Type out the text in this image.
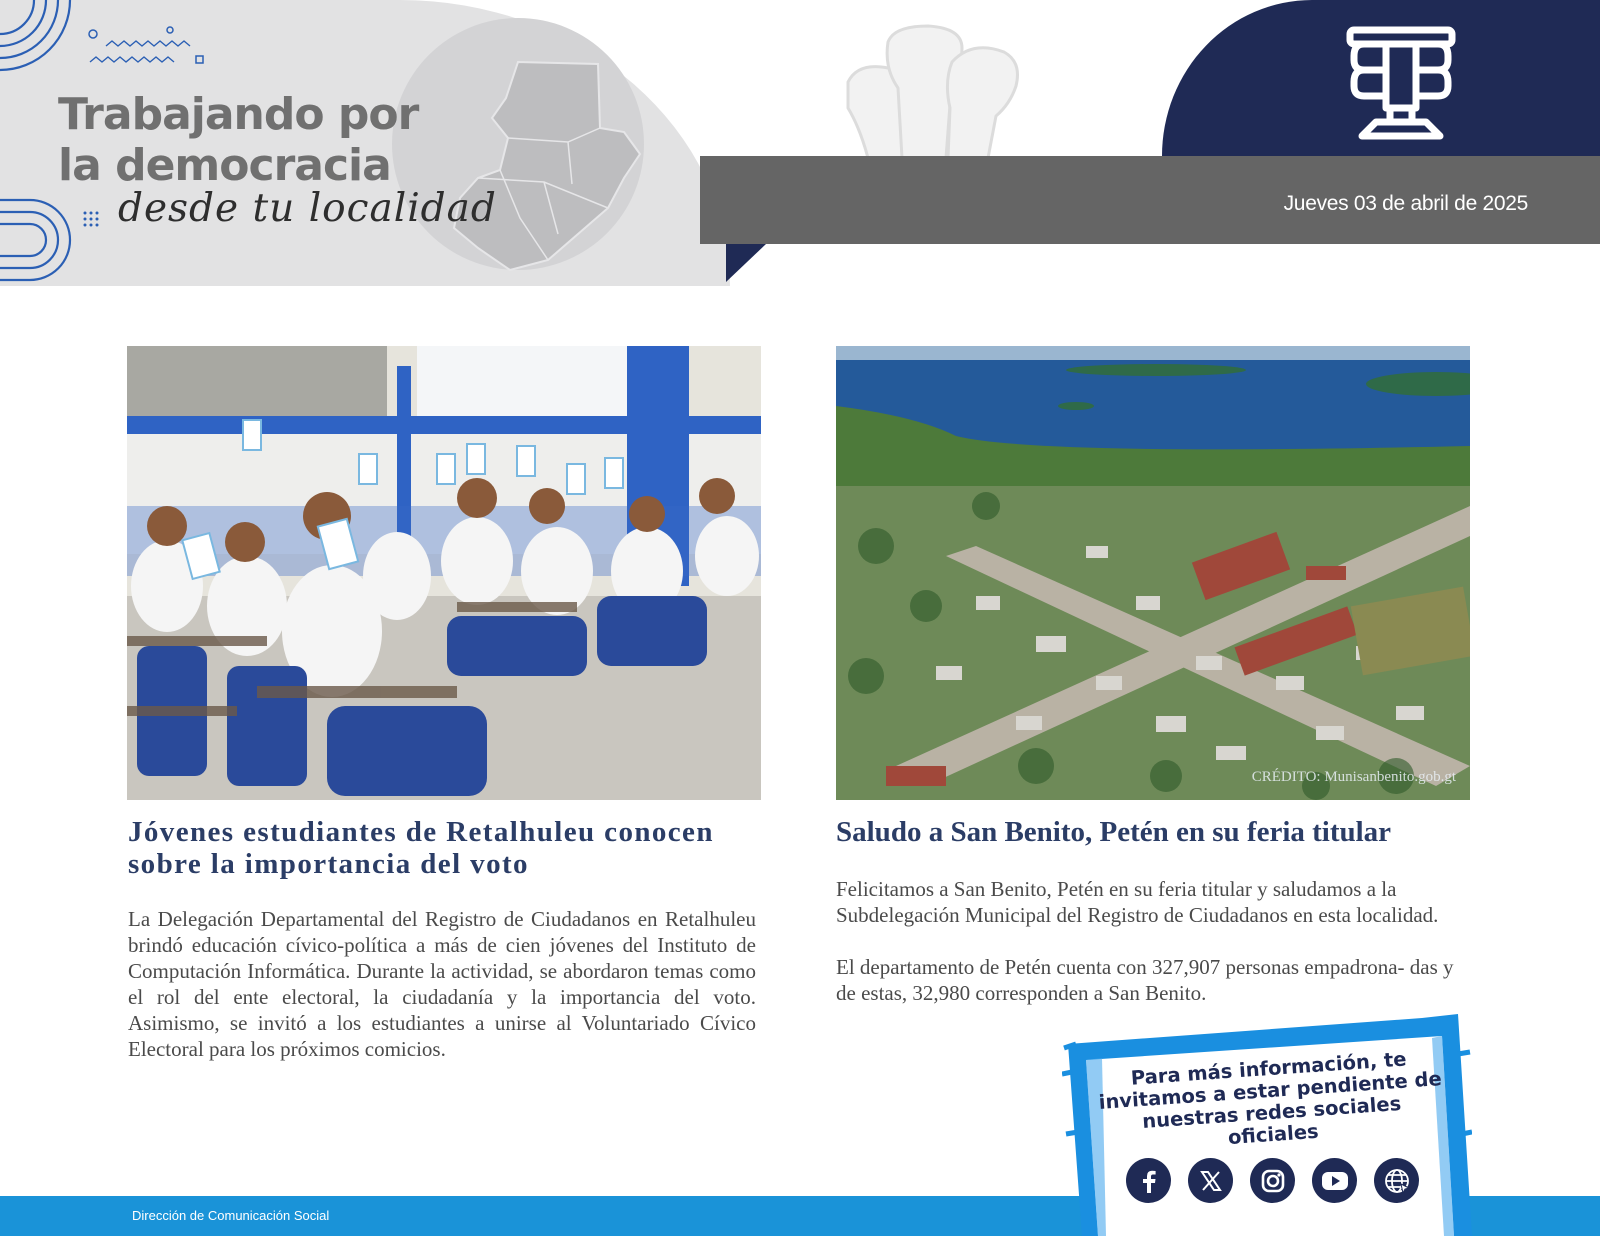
Trabajando por
la democracia
desde tu localidad	Jueves 03 de abril de 2025
Jóvenes estudiantes de Retalhuleu conocen sobre la importancia del voto

La Delegación Departamental del Registro de Ciudadanos en Retalhuleu brindó educación cívico-política a más de cien jóvenes del Instituto de Computación Informática. Durante la actividad, se abordaron temas como el rol del ente electoral, la ciudadanía y la importancia del voto. Asimismo, se invitó a los estudiantes a unirse al Voluntariado Cívico Electoral para los próximos comicios.

CRÉDITO: Munisanbenito.gob.gt
Saludo a San Benito, Petén en su feria titular

Felicitamos a San Benito, Petén en su feria titular y saludamos a la Subdelegación Municipal del Registro de Ciudadanos en esta localidad.

El departamento de Petén cuenta con 327,907 personas empadrona- das y de estas, 32,980 corresponden a San Benito.

Dirección de Comunicación Social
Para más información, te invitamos a estar pendiente de nuestras redes sociales oficiales
